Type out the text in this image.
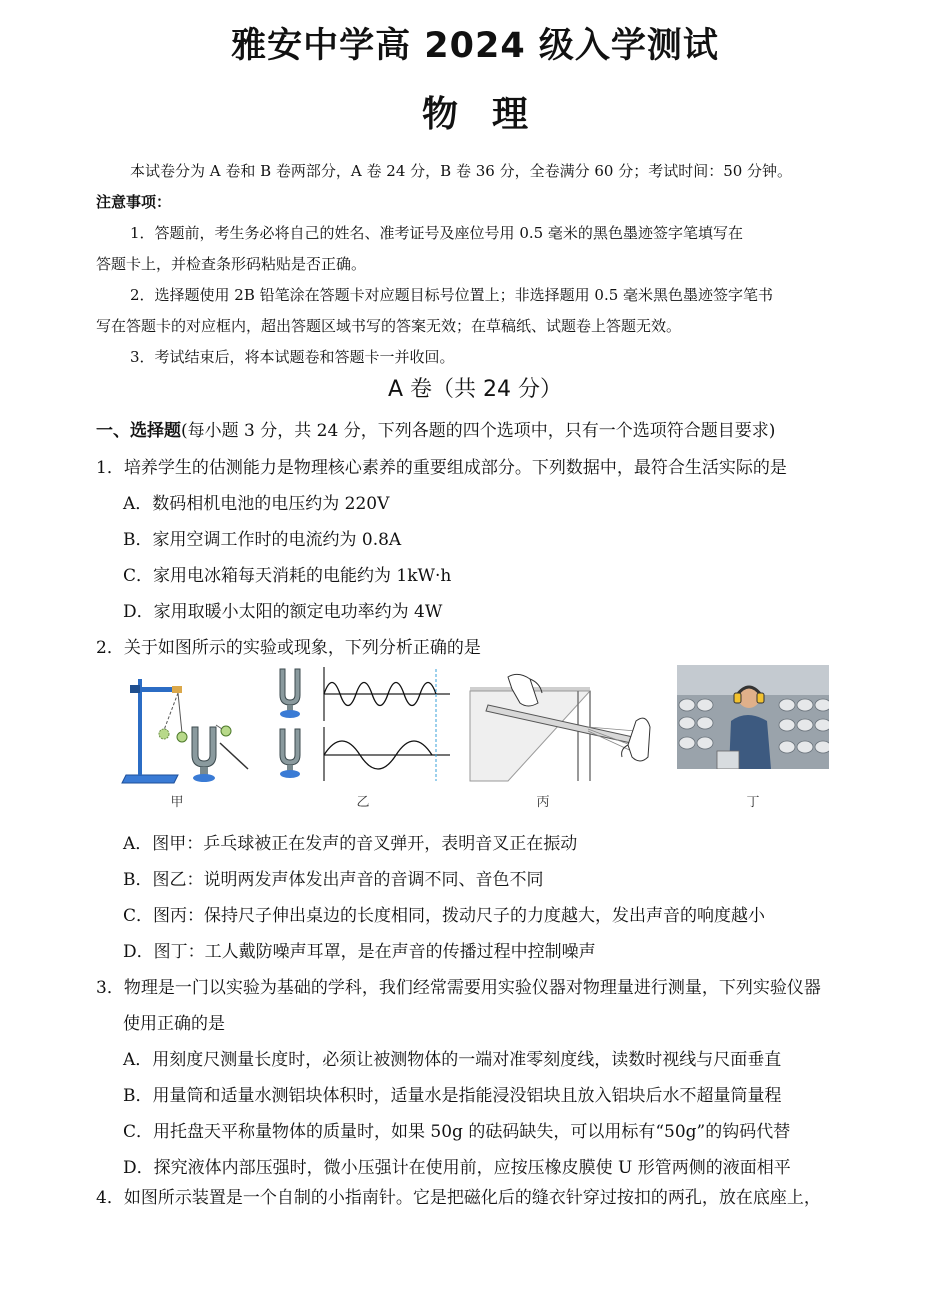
雅安中学高 2024 级入学测试
物理
本试卷分为 A 卷和 B 卷两部分，A 卷 24 分，B 卷 36 分，全卷满分 60 分；考试时间：50 分钟。
注意事项：
1．答题前，考生务必将自己的姓名、准考证号及座位号用 0.5 毫米的黑色墨迹签字笔填写在
答题卡上，并检查条形码粘贴是否正确。
2．选择题使用 2B 铅笔涂在答题卡对应题目标号位置上；非选择题用 0.5 毫米黑色墨迹签字笔书
写在答题卡的对应框内，超出答题区域书写的答案无效；在草稿纸、试题卷上答题无效。
3．考试结束后，将本试题卷和答题卡一并收回。
A 卷（共 24 分）
一、选择题(每小题 3 分，共 24 分，下列各题的四个选项中，只有一个选项符合题目要求)
1．培养学生的估测能力是物理核心素养的重要组成部分。下列数据中，最符合生活实际的是
A．数码相机电池的电压约为 220V
B．家用空调工作时的电流约为 0.8A
C．家用电冰箱每天消耗的电能约为 1kW·h
D．家用取暖小太阳的额定电功率约为 4W
2．关于如图所示的实验或现象，下列分析正确的是
甲	乙	丙	丁
A．图甲：乒乓球被正在发声的音叉弹开，表明音叉正在振动
B．图乙：说明两发声体发出声音的音调不同、音色不同
C．图丙：保持尺子伸出桌边的长度相同，拨动尺子的力度越大，发出声音的响度越小
D．图丁：工人戴防噪声耳罩，是在声音的传播过程中控制噪声
3．物理是一门以实验为基础的学科，我们经常需要用实验仪器对物理量进行测量，下列实验仪器
使用正确的是
A．用刻度尺测量长度时，必须让被测物体的一端对准零刻度线，读数时视线与尺面垂直
B．用量筒和适量水测铝块体积时，适量水是指能浸没铝块且放入铝块后水不超量筒量程
C．用托盘天平称量物体的质量时，如果 50g 的砝码缺失，可以用标有“50g”的钩码代替
D．探究液体内部压强时，微小压强计在使用前，应按压橡皮膜使 U 形管两侧的液面相平
4．如图所示装置是一个自制的小指南针。它是把磁化后的缝衣针穿过按扣的两孔，放在底座上，
